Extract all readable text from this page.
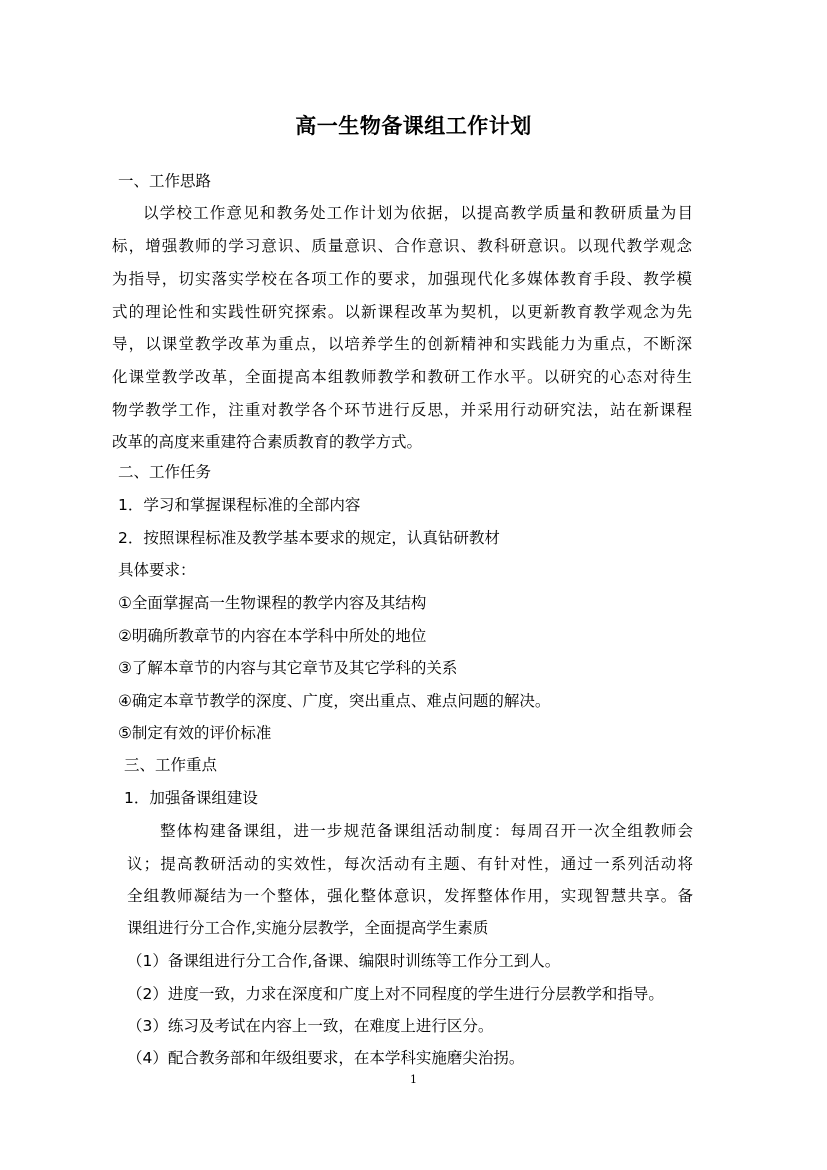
高一生物备课组工作计划
一、工作思路
以学校工作意见和教务处工作计划为依据，以提高教学质量和教研质量为目
标，增强教师的学习意识、质量意识、合作意识、教科研意识。以现代教学观念
为指导，切实落实学校在各项工作的要求，加强现代化多媒体教育手段、教学模
式的理论性和实践性研究探索。以新课程改革为契机，以更新教育教学观念为先
导，以课堂教学改革为重点，以培养学生的创新精神和实践能力为重点，不断深
化课堂教学改革，全面提高本组教师教学和教研工作水平。以研究的心态对待生
物学教学工作，注重对教学各个环节进行反思，并采用行动研究法，站在新课程
改革的高度来重建符合素质教育的教学方式。
二、工作任务
1．学习和掌握课程标准的全部内容
2．按照课程标准及教学基本要求的规定，认真钻研教材
具体要求：
①全面掌握高一生物课程的教学内容及其结构
②明确所教章节的内容在本学科中所处的地位
③了解本章节的内容与其它章节及其它学科的关系
④确定本章节教学的深度、广度，突出重点、难点问题的解决。
⑤制定有效的评价标准
三、工作重点
1．加强备课组建设
整体构建备课组，进一步规范备课组活动制度：每周召开一次全组教师会
议；提高教研活动的实效性，每次活动有主题、有针对性，通过一系列活动将
全组教师凝结为一个整体，强化整体意识，发挥整体作用，实现智慧共享。备
课组进行分工合作,实施分层教学，全面提高学生素质
（1）备课组进行分工合作,备课、编限时训练等工作分工到人。
（2）进度一致，力求在深度和广度上对不同程度的学生进行分层教学和指导。
（3）练习及考试在内容上一致，在难度上进行区分。
（4）配合教务部和年级组要求，在本学科实施磨尖治拐。
1
